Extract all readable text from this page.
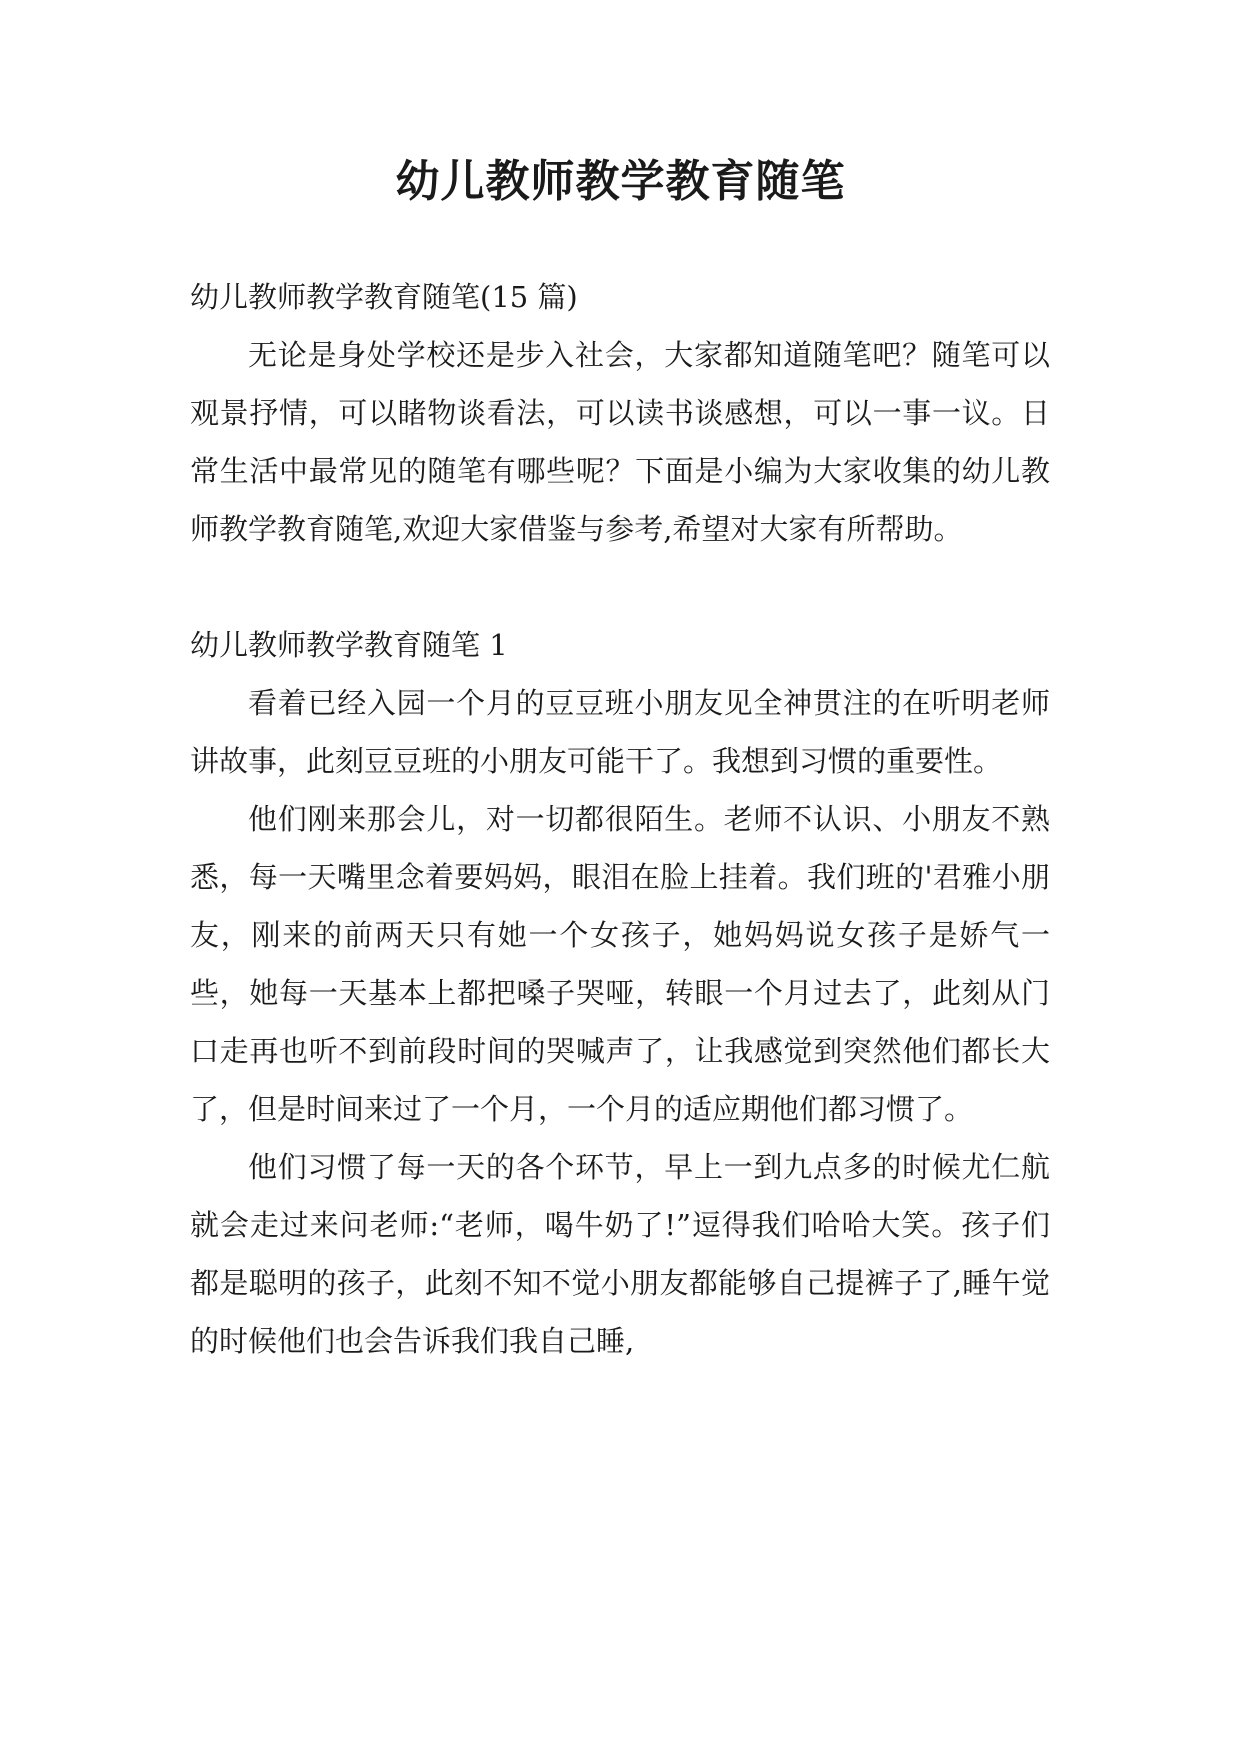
幼儿教师教学教育随笔

幼儿教师教学教育随笔(15 篇)

无论是身处学校还是步入社会，大家都知道随笔吧？随笔可以观景抒情，可以睹物谈看法，可以读书谈感想，可以一事一议。日常生活中最常见的随笔有哪些呢？下面是小编为大家收集的幼儿教师教学教育随笔,欢迎大家借鉴与参考,希望对大家有所帮助。

幼儿教师教学教育随笔 1

看着已经入园一个月的豆豆班小朋友见全神贯注的在听明老师讲故事，此刻豆豆班的小朋友可能干了。我想到习惯的重要性。

他们刚来那会儿，对一切都很陌生。老师不认识、小朋友不熟悉，每一天嘴里念着要妈妈，眼泪在脸上挂着。我们班的'君雅小朋友，刚来的前两天只有她一个女孩子，她妈妈说女孩子是娇气一些，她每一天基本上都把嗓子哭哑，转眼一个月过去了，此刻从门口走再也听不到前段时间的哭喊声了，让我感觉到突然他们都长大了，但是时间来过了一个月，一个月的适应期他们都习惯了。

他们习惯了每一天的各个环节，早上一到九点多的时候尤仁航就会走过来问老师:“老师，喝牛奶了!”逗得我们哈哈大笑。孩子们都是聪明的孩子，此刻不知不觉小朋友都能够自己提裤子了,睡午觉的时候他们也会告诉我们我自己睡,
